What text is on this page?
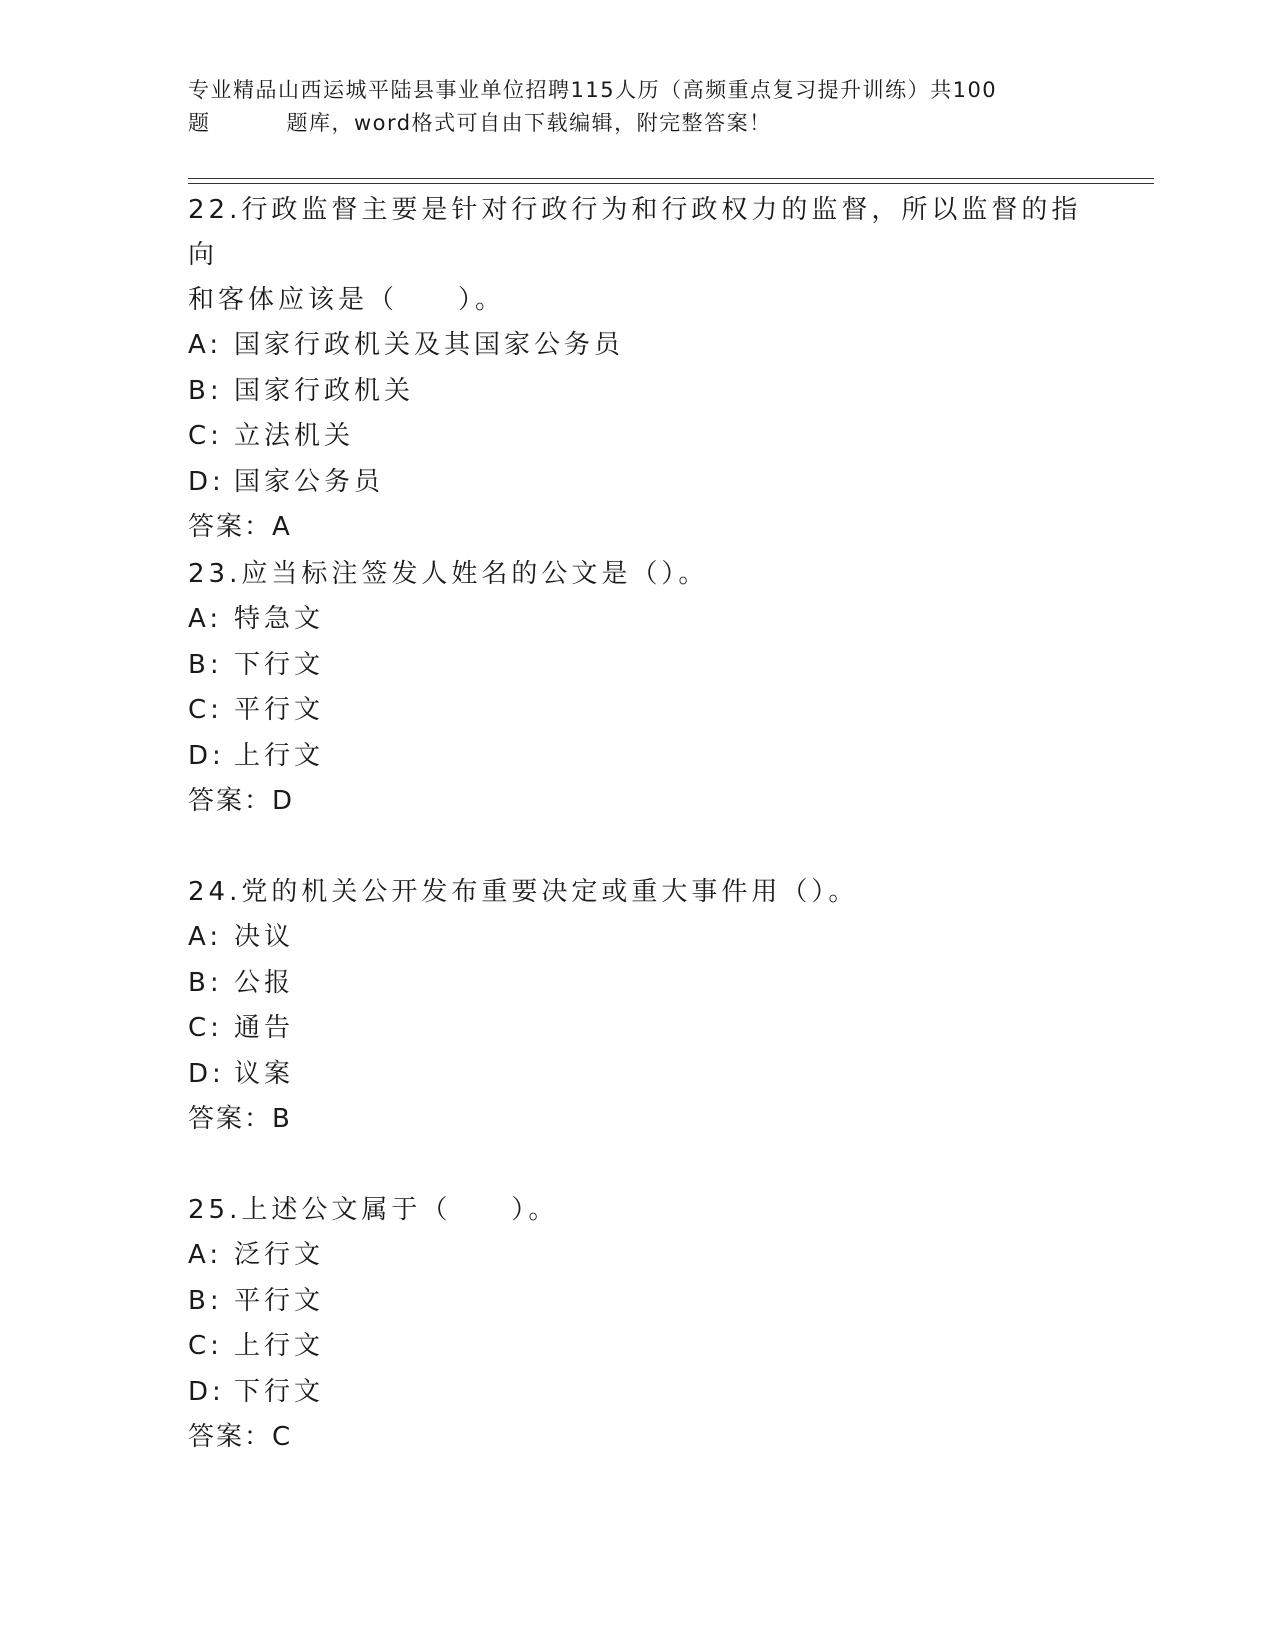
专业精品山西运城平陆县事业单位招聘115人历（高频重点复习提升训练）共100
题	题库，word格式可自由下载编辑，附完整答案！
22.行政监督主要是针对行政行为和行政权力的监督，所以监督的指向
和客体应该是（　　）。
A: 国家行政机关及其国家公务员
B: 国家行政机关
C: 立法机关
D: 国家公务员
答案：A
23.应当标注签发人姓名的公文是（）。
A: 特急文
B: 下行文
C: 平行文
D: 上行文
答案：D
24.党的机关公开发布重要决定或重大事件用（）。
A: 决议
B: 公报
C: 通告
D: 议案
答案：B
25.上述公文属于（　　）。
A: 泛行文
B: 平行文
C: 上行文
D: 下行文
答案：C
